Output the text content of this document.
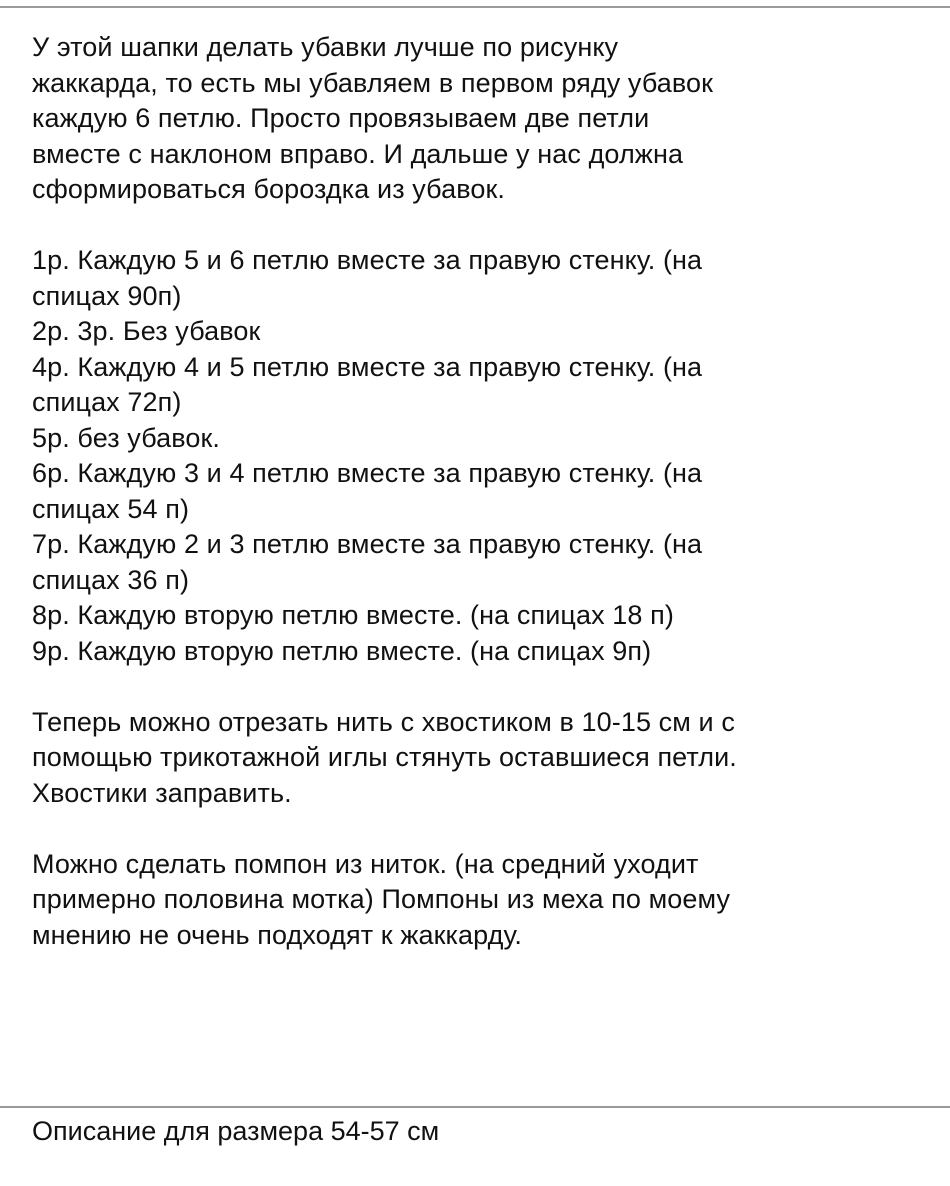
У этой шапки делать убавки лучше по рисунку

жаккарда, то есть мы убавляем в первом ряду убавок

каждую 6 петлю. Просто провязываем две петли

вместе с наклоном вправо. И дальше у нас должна

сформироваться бороздка из убавок.

1р. Каждую 5 и 6 петлю вместе за правую стенку. (на

спицах 90п)

2р. 3р. Без убавок

4р. Каждую 4 и 5 петлю вместе за правую стенку. (на

спицах 72п)

5р. без убавок.

6р. Каждую 3 и 4 петлю вместе за правую стенку. (на

спицах 54 п)

7р. Каждую 2 и 3 петлю вместе за правую стенку. (на

спицах 36 п)

8р. Каждую вторую петлю вместе. (на спицах 18 п)

9р. Каждую вторую петлю вместе. (на спицах 9п)

Теперь можно отрезать нить с хвостиком в 10-15 см и с

помощью трикотажной иглы стянуть оставшиеся петли.

Хвостики заправить.

Можно сделать помпон из ниток. (на средний уходит

примерно половина мотка) Помпоны из меха по моему

мнению не очень подходят к жаккарду.

Описание для размера 54-57 см
